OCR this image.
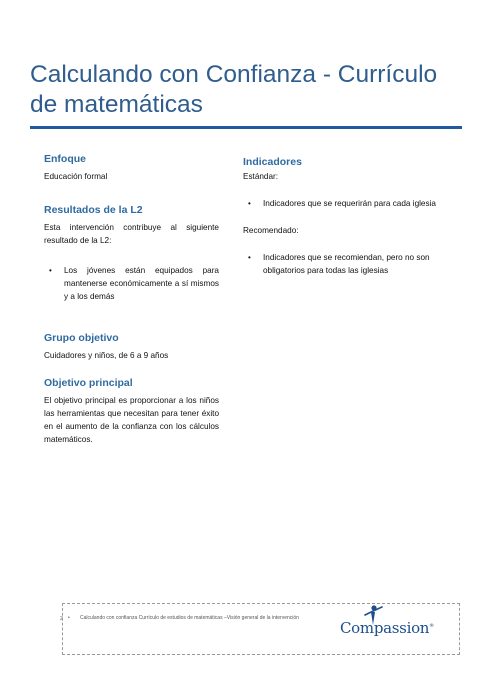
Calculando con Confianza - Currículo de matemáticas
Enfoque

Educación formal

Resultados de la L2

Esta intervención contribuye al siguiente resultado de la L2:

•	Los jóvenes están equipados para mantenerse económicamente a sí mismos y a los demás
Grupo objetivo

Cuidadores y niños, de 6 a 9 años

Objetivo principal

El objetivo principal es proporcionar a los niños las herramientas que necesitan para tener éxito en el aumento de la confianza con los cálculos matemáticos.

Indicadores

Estándar:

•	Indicadores que se requerirán para cada iglesia

Recomendado:

•	Indicadores que se recomiendan, pero no son obligatorios para todas las iglesias
2 • Calculando con confianza Currículo de estudios de matemáticas –Visión general de la intervención
Compassion®
